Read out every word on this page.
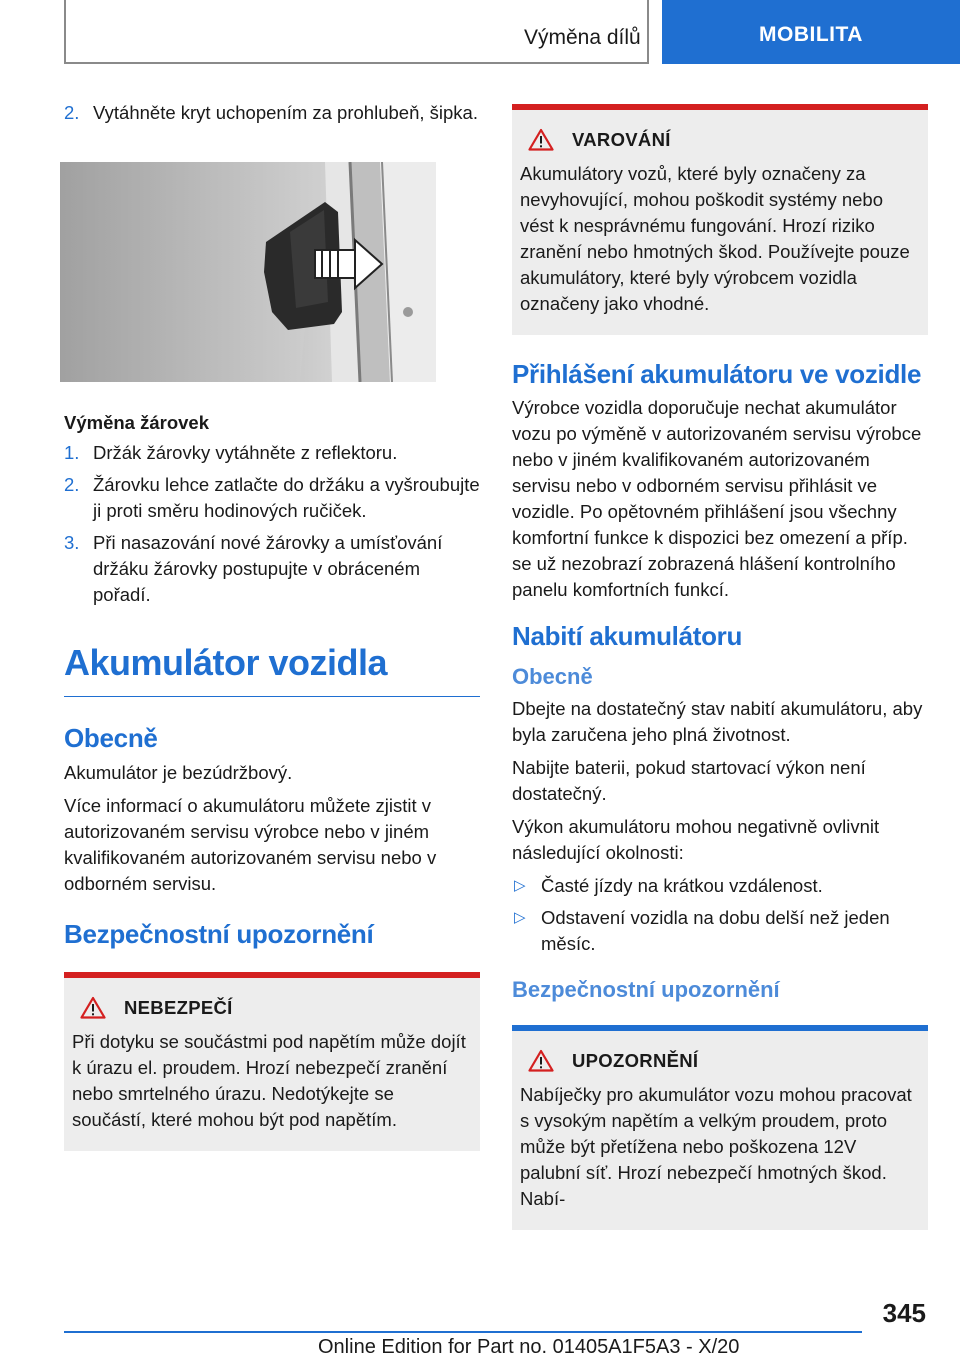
Výměna dílů	MOBILITA
2. Vytáhněte kryt uchopením za prohlubeň, šipka.
Výměna žárovek
1. Držák žárovky vytáhněte z reflektoru.
2. Žárovku lehce zatlačte do držáku a vyšroubujte ji proti směru hodinových ručiček.
3. Při nasazování nové žárovky a umísťování držáku žárovky postupujte v obráceném pořadí.
Akumulátor vozidla
Obecně
Akumulátor je bezúdržbový.
Více informací o akumulátoru můžete zjistit v autorizovaném servisu výrobce nebo v jiném kvalifikovaném autorizovaném servisu nebo v odborném servisu.
Bezpečnostní upozornění
NEBEZPEČÍ
Při dotyku se součástmi pod napětím může dojít k úrazu el. proudem. Hrozí nebezpečí zranění nebo smrtelného úrazu. Nedotýkejte se součástí, které mohou být pod napětím.
VAROVÁNÍ
Akumulátory vozů, které byly označeny za nevyhovující, mohou poškodit systémy nebo vést k nesprávnému fungování. Hrozí riziko zranění nebo hmotných škod. Používejte pouze akumulátory, které byly výrobcem vozidla označeny jako vhodné.
Přihlášení akumulátoru ve vozidle
Výrobce vozidla doporučuje nechat akumulátor vozu po výměně v autorizovaném servisu výrobce nebo v jiném kvalifikovaném autorizovaném servisu nebo v odborném servisu přihlásit ve vozidle. Po opětovném přihlášení jsou všechny komfortní funkce k dispozici bez omezení a příp. se už nezobrazí zobrazená hlášení kontrolního panelu komfortních funkcí.
Nabití akumulátoru
Obecně
Dbejte na dostatečný stav nabití akumulátoru, aby byla zaručena jeho plná životnost.
Nabijte baterii, pokud startovací výkon není dostatečný.
Výkon akumulátoru mohou negativně ovlivnit následující okolnosti:
▷ Časté jízdy na krátkou vzdálenost.
▷ Odstavení vozidla na dobu delší než jeden měsíc.
Bezpečnostní upozornění
UPOZORNĚNÍ
Nabíječky pro akumulátor vozu mohou pracovat s vysokým napětím a velkým proudem, proto může být přetížena nebo poškozena 12V palubní síť. Hrozí nebezpečí hmotných škod. Nabí-
345
Online Edition for Part no. 01405A1F5A3 - X/20
